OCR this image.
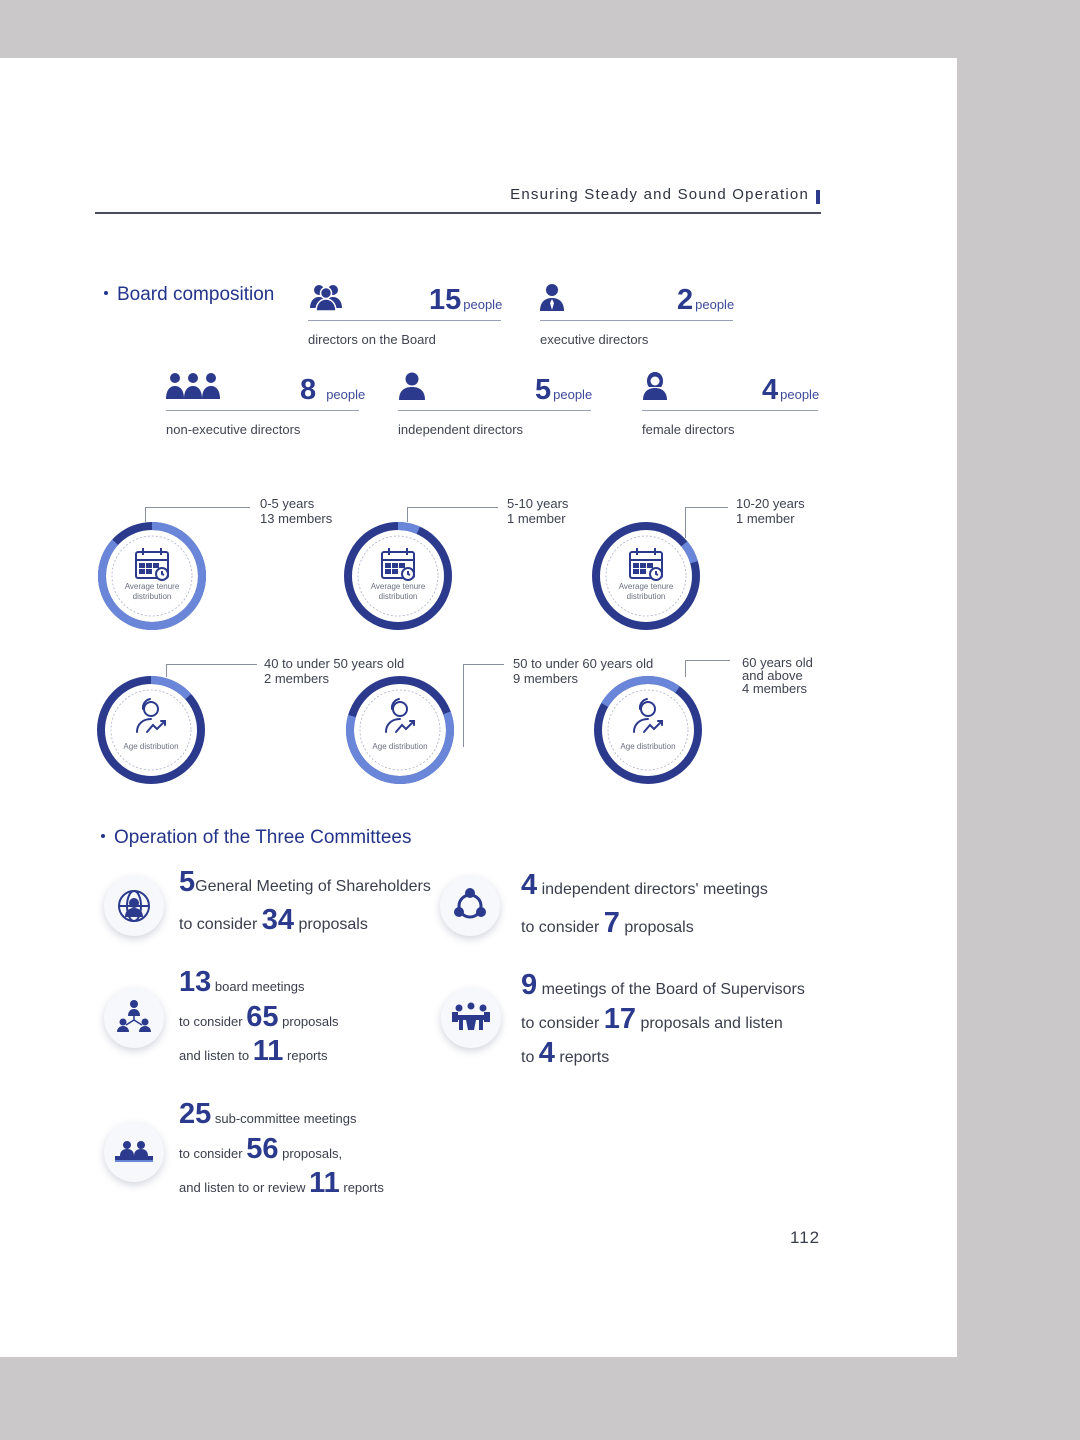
Ensuring Steady and Sound Operation
Board composition	15 people
directors on the Board
2 people
executive directors
8 people
non-executive directors
5 people
independent directors
4 people
female directors
Average tenure distribution
0-5 years
13 members
Average tenure distribution
5-10 years
1 member
Average tenure distribution
10-20 years
1 member
Age distribution
40 to under 50 years old
2 members
Age distribution
50 to under 60 years old
9 members
Age distribution
60 years old
and above
4 members
Operation of the Three Committees
5General Meeting of Shareholders
to consider 34 proposals
4 independent directors' meetings
to consider 7 proposals
13 board meetings
to consider 65 proposals
and listen to 11 reports
9 meetings of the Board of Supervisors
to consider 17 proposals and listen
to 4 reports
25 sub-committee meetings
to consider 56 proposals,
and listen to or review 11 reports
112
